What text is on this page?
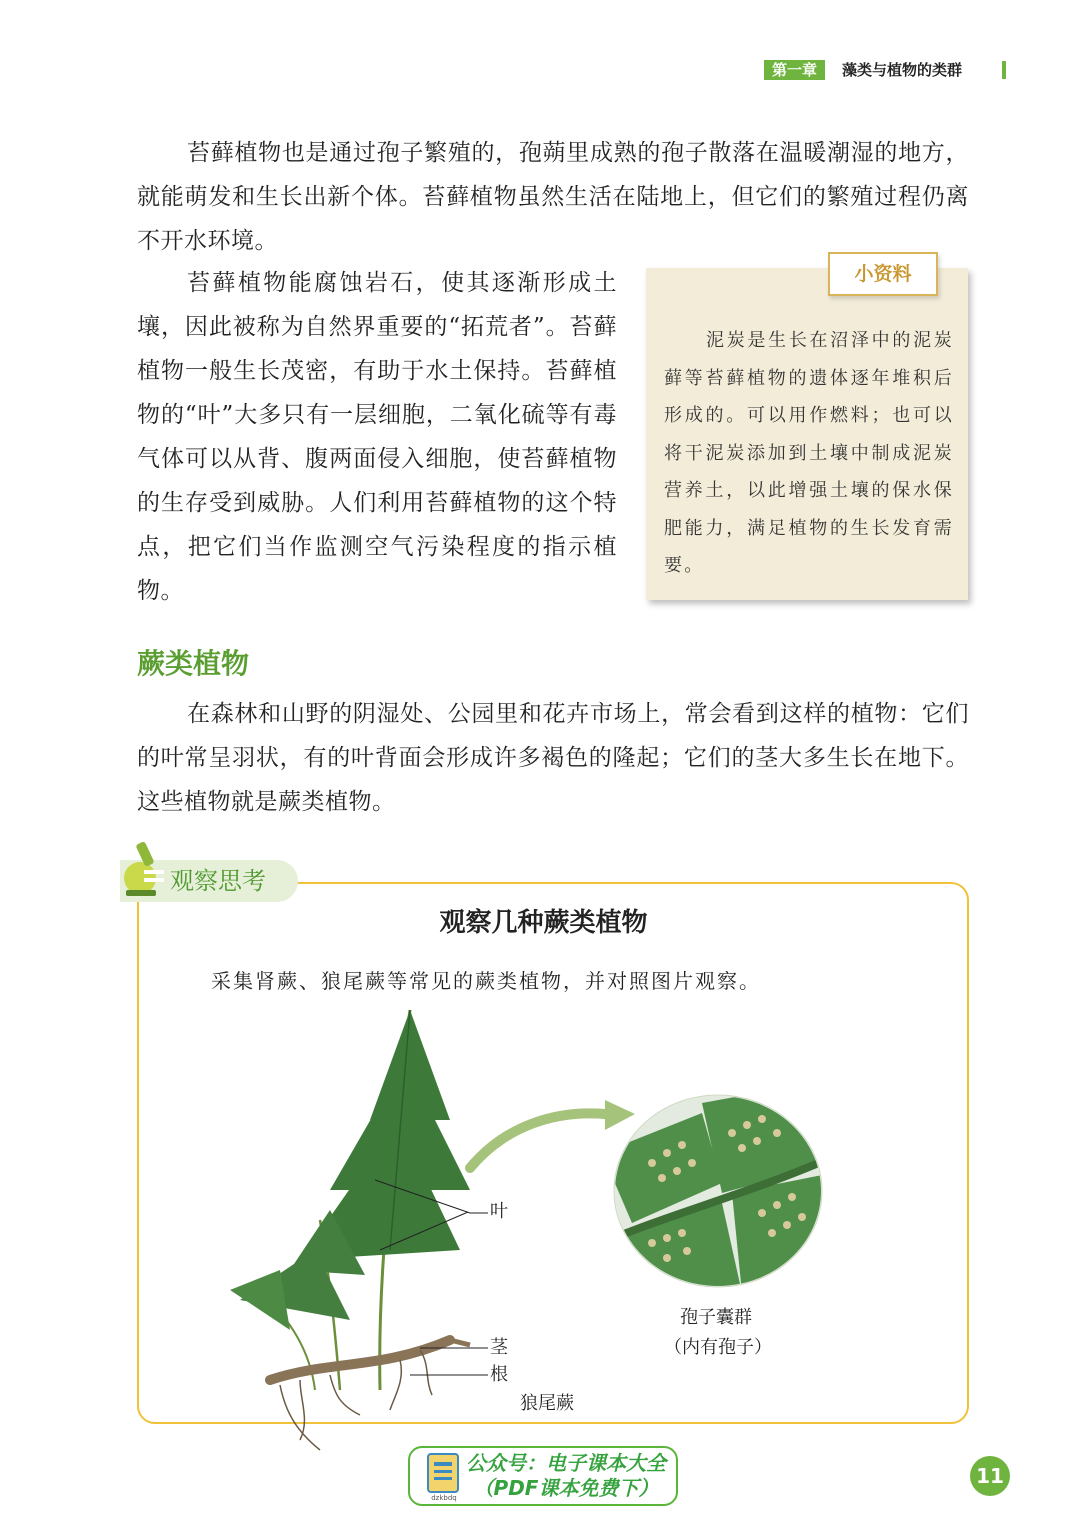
第一章	藻类与植物的类群

苔藓植物也是通过孢子繁殖的，孢蒴里成熟的孢子散落在温暖潮湿的地方，就能萌发和生长出新个体。苔藓植物虽然生活在陆地上，但它们的繁殖过程仍离不开水环境。

苔藓植物能腐蚀岩石，使其逐渐形成土壤，因此被称为自然界重要的“拓荒者”。苔藓植物一般生长茂密，有助于水土保持。苔藓植物的“叶”大多只有一层细胞，二氧化硫等有毒气体可以从背、腹两面侵入细胞，使苔藓植物的生存受到威胁。人们利用苔藓植物的这个特点，把它们当作监测空气污染程度的指示植物。

小资料

泥炭是生长在沼泽中的泥炭藓等苔藓植物的遗体逐年堆积后形成的。可以用作燃料；也可以将干泥炭添加到土壤中制成泥炭营养土，以此增强土壤的保水保肥能力，满足植物的生长发育需要。

蕨类植物

在森林和山野的阴湿处、公园里和花卉市场上，常会看到这样的植物：它们的叶常呈羽状，有的叶背面会形成许多褐色的隆起；它们的茎大多生长在地下。这些植物就是蕨类植物。

观察思考
观察几种蕨类植物
采集肾蕨、狼尾蕨等常见的蕨类植物，并对照图片观察。
叶
茎
根
狼尾蕨
孢子囊群
（内有孢子）
dzkbdq
公众号：电子课本大全
（PDF课本免费下）	11
